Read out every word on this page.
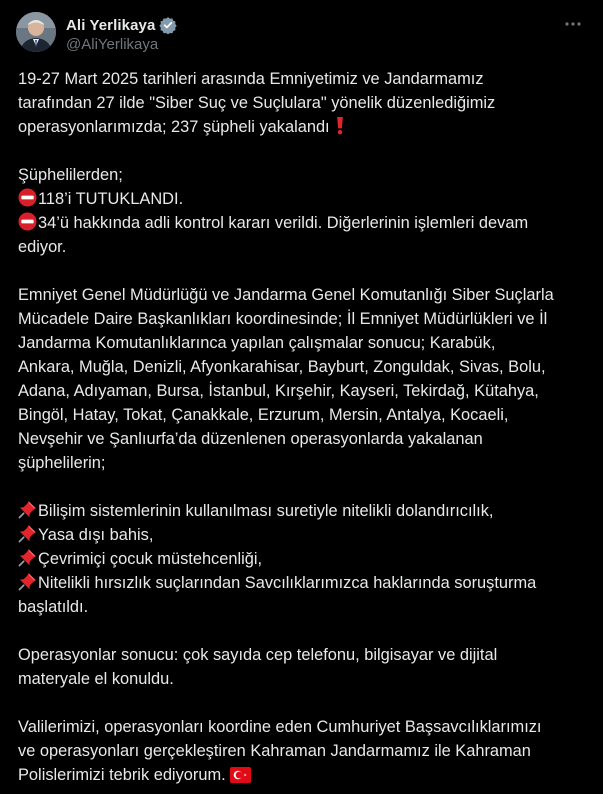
Ali Yerlikaya
@AliYerlikaya
19-27 Mart 2025 tarihleri arasında Emniyetimiz ve Jandarmamız
tarafından 27 ilde "Siber Suç ve Suçlulara" yönelik düzenlediğimiz
operasyonlarımızda; 237 şüpheli yakalandı
Şüphelilerden;
118’i TUTUKLANDI.
34’ü hakkında adli kontrol kararı verildi. Diğerlerinin işlemleri devam
ediyor.
Emniyet Genel Müdürlüğü ve Jandarma Genel Komutanlığı Siber Suçlarla
Mücadele Daire Başkanlıkları koordinesinde; İl Emniyet Müdürlükleri ve İl
Jandarma Komutanlıklarınca yapılan çalışmalar sonucu; Karabük,
Ankara, Muğla, Denizli, Afyonkarahisar, Bayburt, Zonguldak, Sivas, Bolu,
Adana, Adıyaman, Bursa, İstanbul, Kırşehir, Kayseri, Tekirdağ, Kütahya,
Bingöl, Hatay, Tokat, Çanakkale, Erzurum, Mersin, Antalya, Kocaeli,
Nevşehir ve Şanlıurfa’da düzenlenen operasyonlarda yakalanan
şüphelilerin;
Bilişim sistemlerinin kullanılması suretiyle nitelikli dolandırıcılık,
Yasa dışı bahis,
Çevrimiçi çocuk müstehcenliği,
Nitelikli hırsızlık suçlarından Savcılıklarımızca haklarında soruşturma
başlatıldı.
Operasyonlar sonucu: çok sayıda cep telefonu, bilgisayar ve dijital
materyale el konuldu.
Valilerimizi, operasyonları koordine eden Cumhuriyet Başsavcılıklarımızı
ve operasyonları gerçekleştiren Kahraman Jandarmamız ile Kahraman
Polislerimizi tebrik ediyorum.
